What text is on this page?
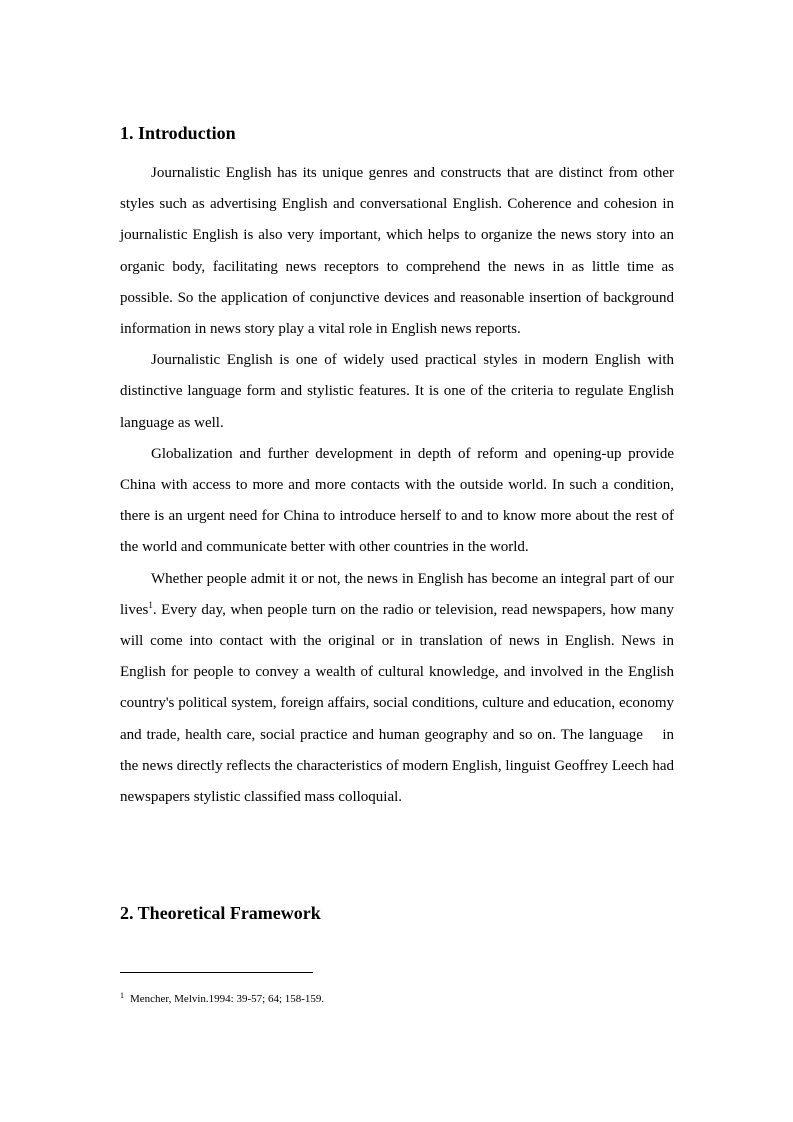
1. Introduction

Journalistic English has its unique genres and constructs that are distinct from other styles such as advertising English and conversational English. Coherence and cohesion in journalistic English is also very important, which helps to organize the news story into an organic body, facilitating news receptors to comprehend the news in as little time as possible. So the application of conjunctive devices and reasonable insertion of background information in news story play a vital role in English news reports.

Journalistic English is one of widely used practical styles in modern English with distinctive language form and stylistic features. It is one of the criteria to regulate English language as well.

Globalization and further development in depth of reform and opening-up provide China with access to more and more contacts with the outside world. In such a condition, there is an urgent need for China to introduce herself to and to know more about the rest of the world and communicate better with other countries in the world.

Whether people admit it or not, the news in English has become an integral part of our lives$^1$. Every day, when people turn on the radio or television, read newspapers, how many will come into contact with the original or in translation of news in English. News in English for people to convey a wealth of cultural knowledge, and involved in the English country's political system, foreign affairs, social conditions, culture and education, economy and trade, health care, social practice and human geography and so on. The language    in the news directly reflects the characteristics of modern English, linguist Geoffrey Leech had newspapers stylistic classified mass colloquial.

2. Theoretical Framework
$^1$ Mencher, Melvin.1994: 39-57; 64; 158-159.
